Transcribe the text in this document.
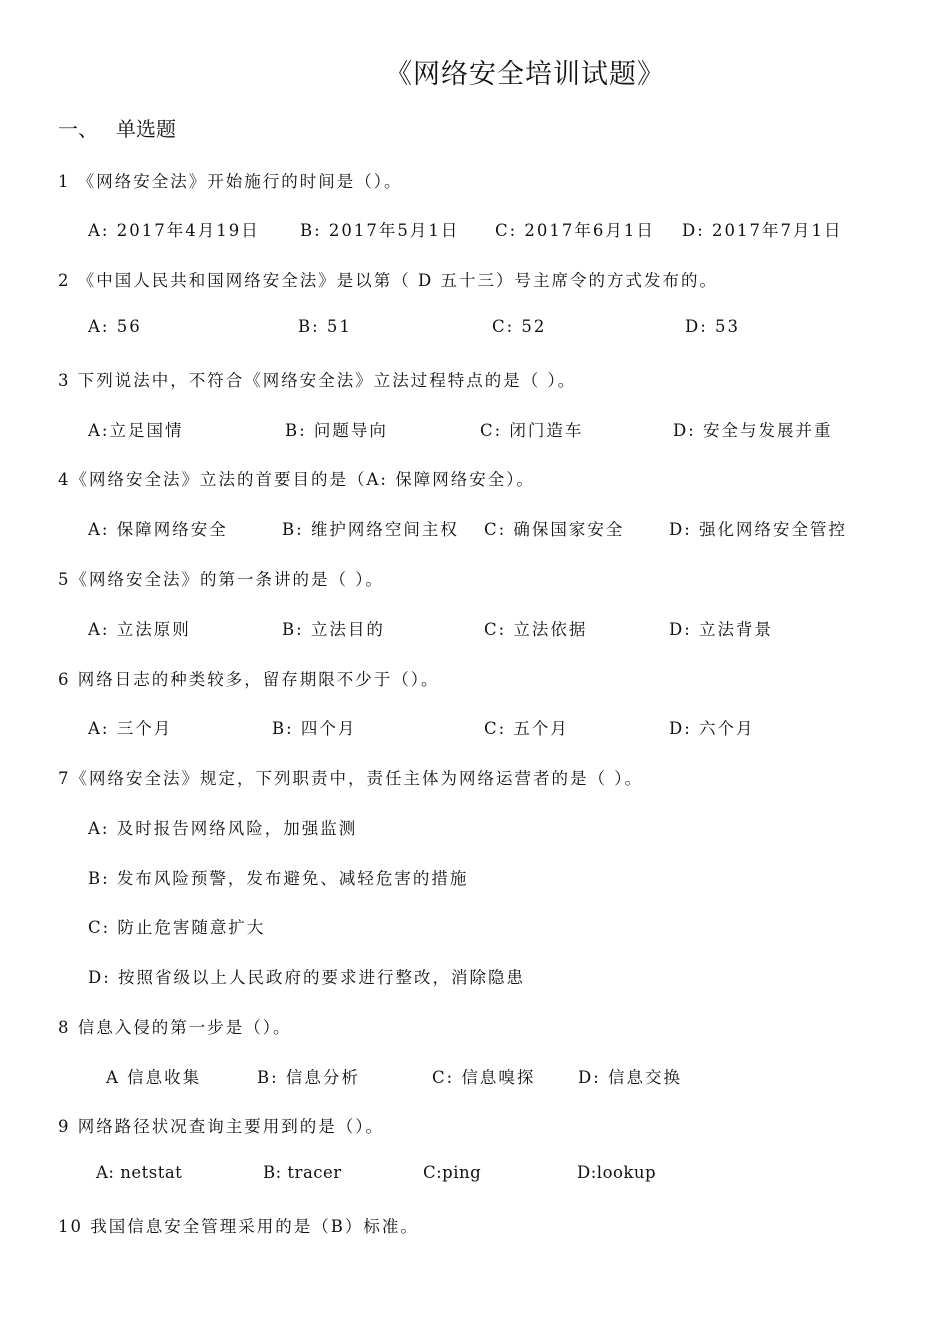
《网络安全培训试题》
一、 单选题
1 《网络安全法》开始施行的时间是（）。
A: 2017年4月19日 B: 2017年5月1日 C: 2017年6月1日 D: 2017年7月1日
2 《中国人民共和国网络安全法》是以第（ D 五十三）号主席令的方式发布的。
A: 56	B: 51	C: 52	D: 53
3 下列说法中，不符合《网络安全法》立法过程特点的是（ ）。
A:立足国情	B: 问题导向	C: 闭门造车	D: 安全与发展并重
4《网络安全法》立法的首要目的是（A: 保障网络安全）。
A: 保障网络安全	B: 维护网络空间主权 C: 确保国家安全	D: 强化网络安全管控
5《网络安全法》的第一条讲的是（ ）。
A: 立法原则	B: 立法目的	C: 立法依据	D: 立法背景
6 网络日志的种类较多，留存期限不少于（）。
A: 三个月	B: 四个月	C: 五个月	D: 六个月
7《网络安全法》规定，下列职责中，责任主体为网络运营者的是（ ）。
A: 及时报告网络风险，加强监测
B: 发布风险预警，发布避免、减轻危害的措施
C: 防止危害随意扩大
D: 按照省级以上人民政府的要求进行整改，消除隐患
8 信息入侵的第一步是（）。
A 信息收集	B: 信息分析	C: 信息嗅探	D: 信息交换
9 网络路径状况查询主要用到的是（）。
A: netstat	B: tracer	C:ping	D:lookup
10 我国信息安全管理采用的是（B）标准。
